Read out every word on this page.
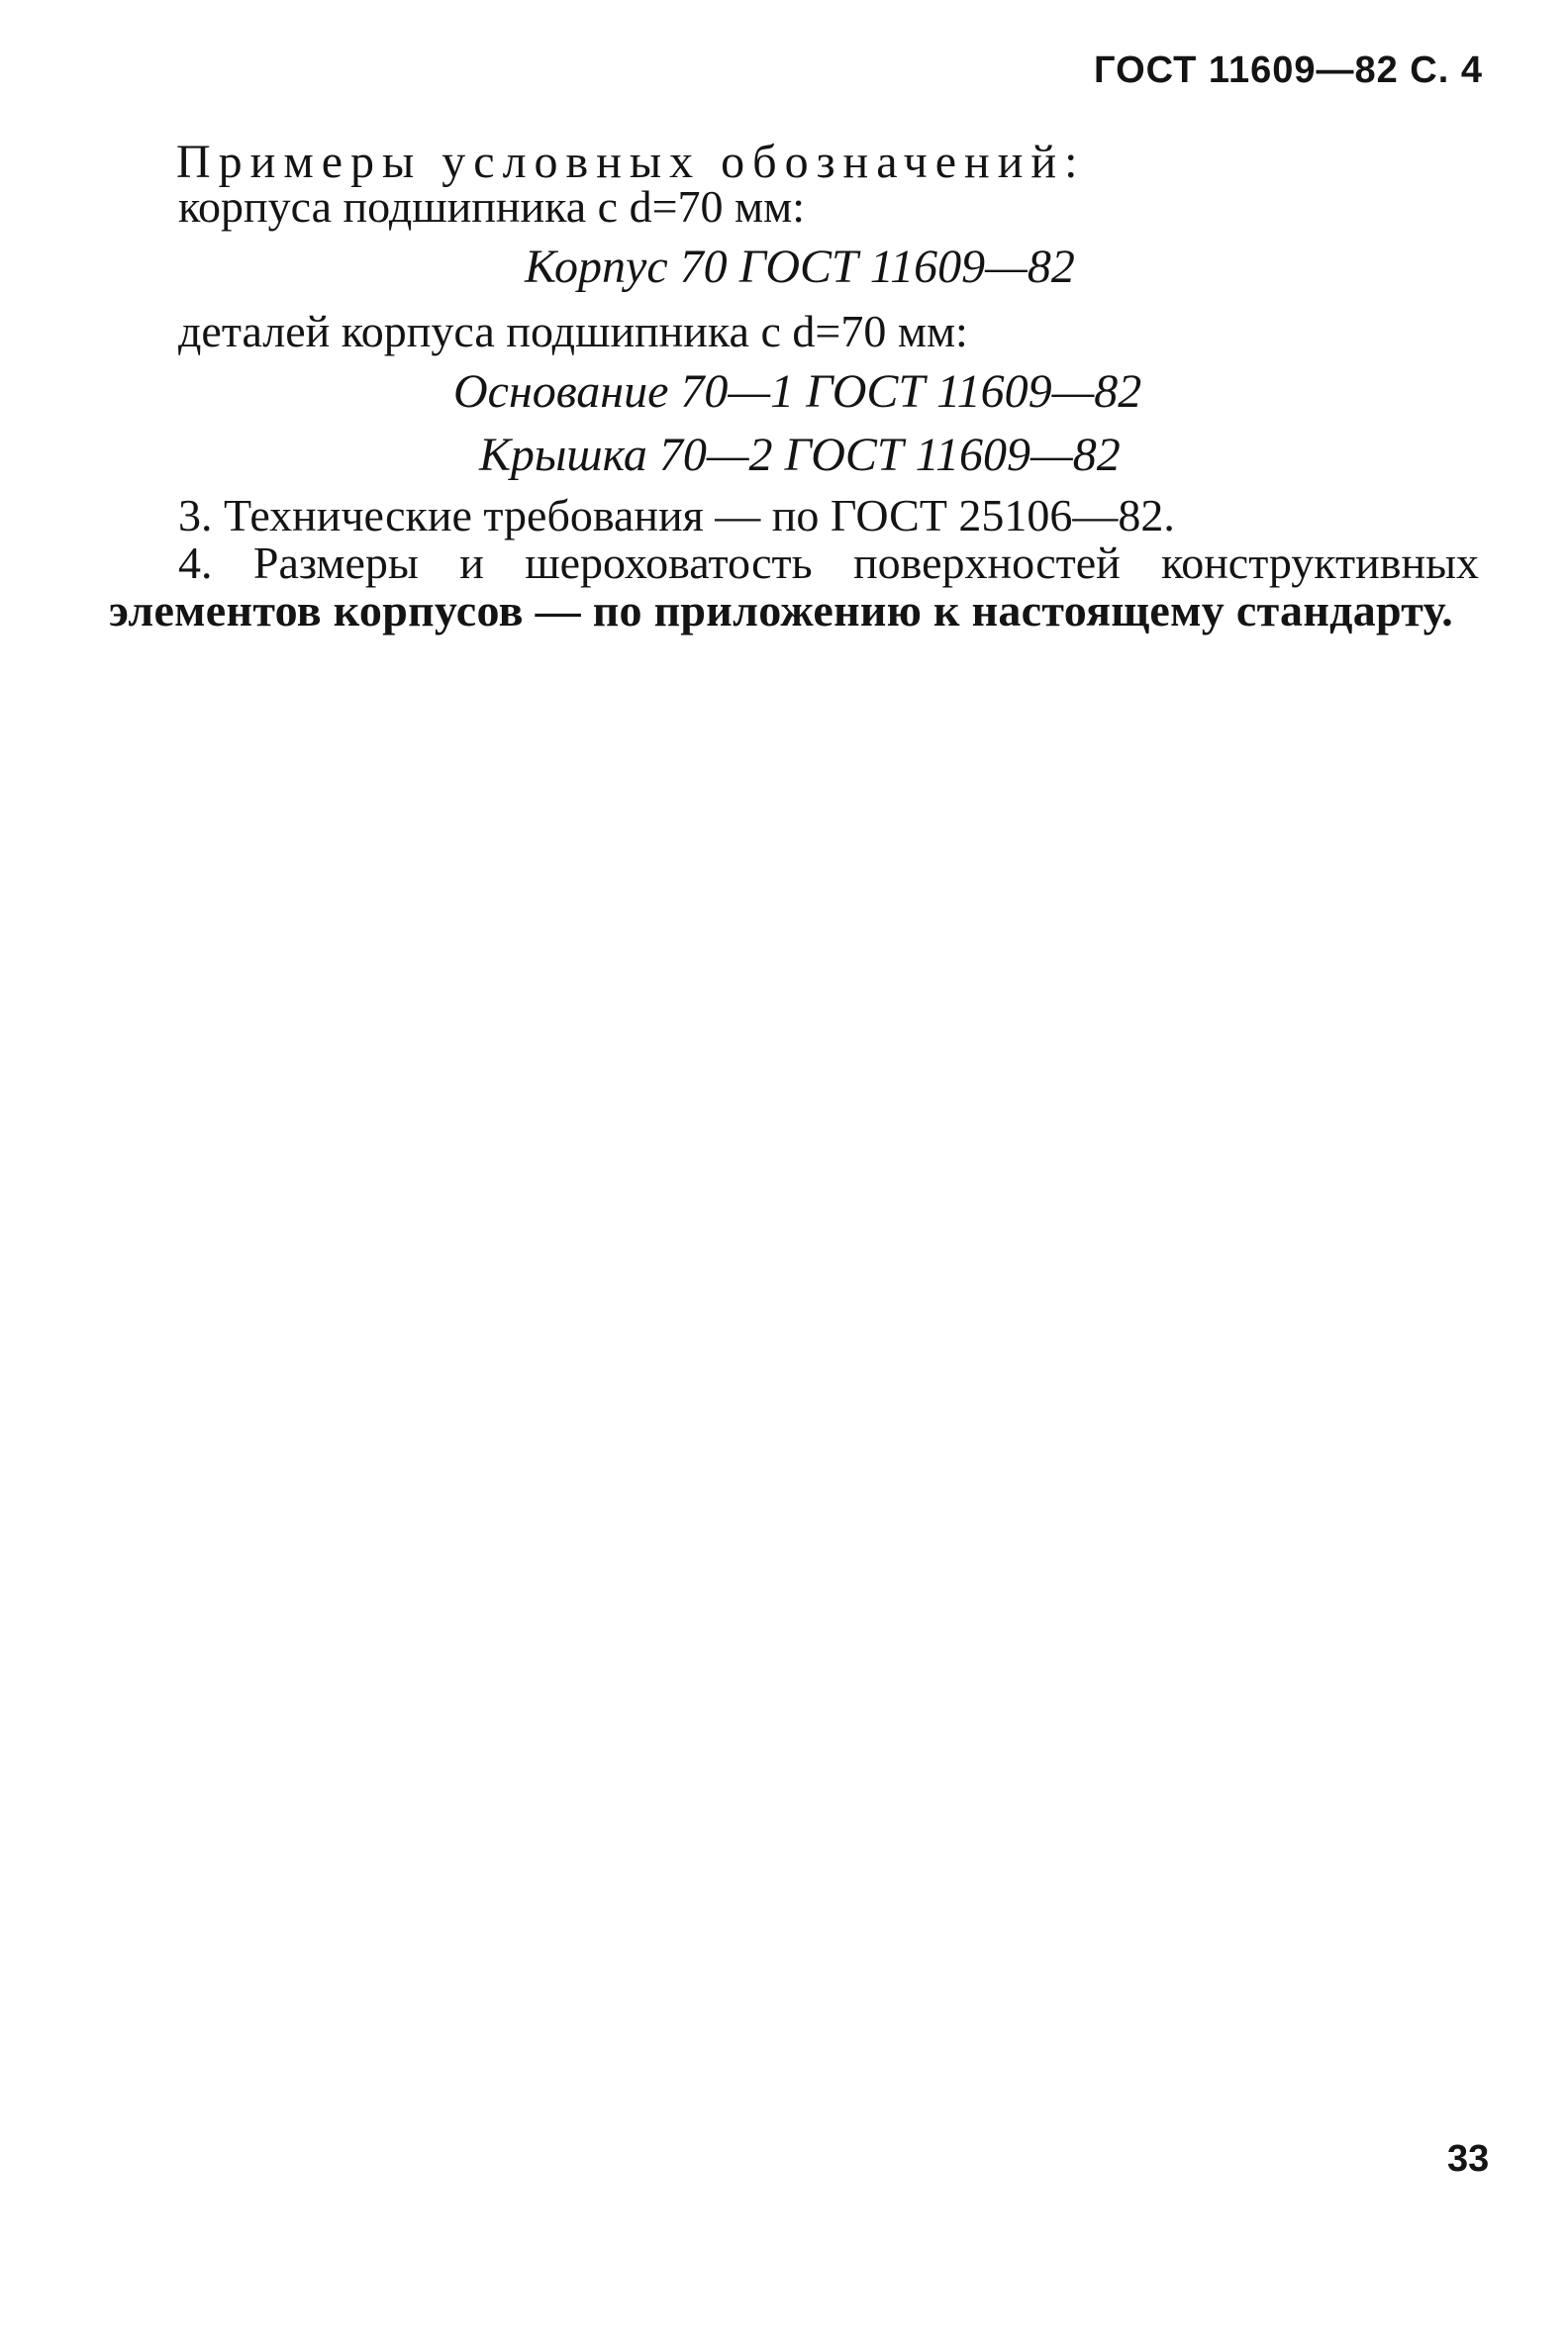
ГОСТ 11609—82 С. 4
Примеры условных обозначений:
корпуса подшипника с d=70 мм:
Корпус 70 ГОСТ 11609—82
деталей корпуса подшипника с d=70 мм:
Основание 70—1 ГОСТ 11609—82
Крышка 70—2 ГОСТ 11609—82
3. Технические требования — по ГОСТ 25106—82.
4. Размеры и шероховатость поверхностей конструктивных
элементов корпусов — по приложению к настоящему стандарту.
33
